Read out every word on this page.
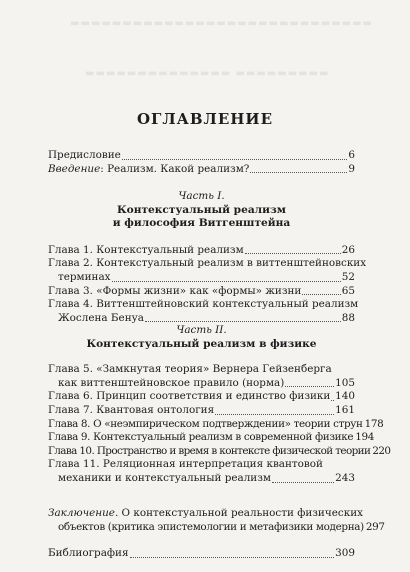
▬▬▬▬▬▬▬▬▬▬▬▬▬▬▬▬▬▬▬▬▬▬▬▬▬▬▬▬▬
▬▬▬▬▬▬▬▬▬▬▬▬▬▬ ▬▬▬▬▬▬▬▬▬
ОГЛАВЛЕНИЕ
Предисловие	6
Введение: Реализм. Какой реализм?	9
Часть I.
Контекстуальный реализм
и философия Витгенштейна
Глава 1. Контекстуальный реализм	26
Глава 2. Контекстуальный реализм в виттенштейновских
терминах	52
Глава 3. «Формы жизни» как «формы» жизни	65
Глава 4. Виттенштейновский контекстуальный реализм
Жослена Бенуа	88
Часть II.
Контекстуальный реализм в физике
Глава 5. «Замкнутая теория» Вернера Гейзенберга
как виттенштейновское правило (норма)	105
Глава 6. Принцип соответствия и единство физики 140
Глава 7. Квантовая онтология	161
Глава 8. О «неэмпирическом подтверждении» теории струн 178
Глава 9. Контекстуальный реализм в современной физике 194
Глава 10. Пространство и время в контексте физической теории 220
Глава 11. Реляционная интерпретация квантовой
механики и контекстуальный реализм	243
Заключение. О контекстуальной реальности физических
объектов (критика эпистемологии и метафизики модерна) 297
Библиография	309
